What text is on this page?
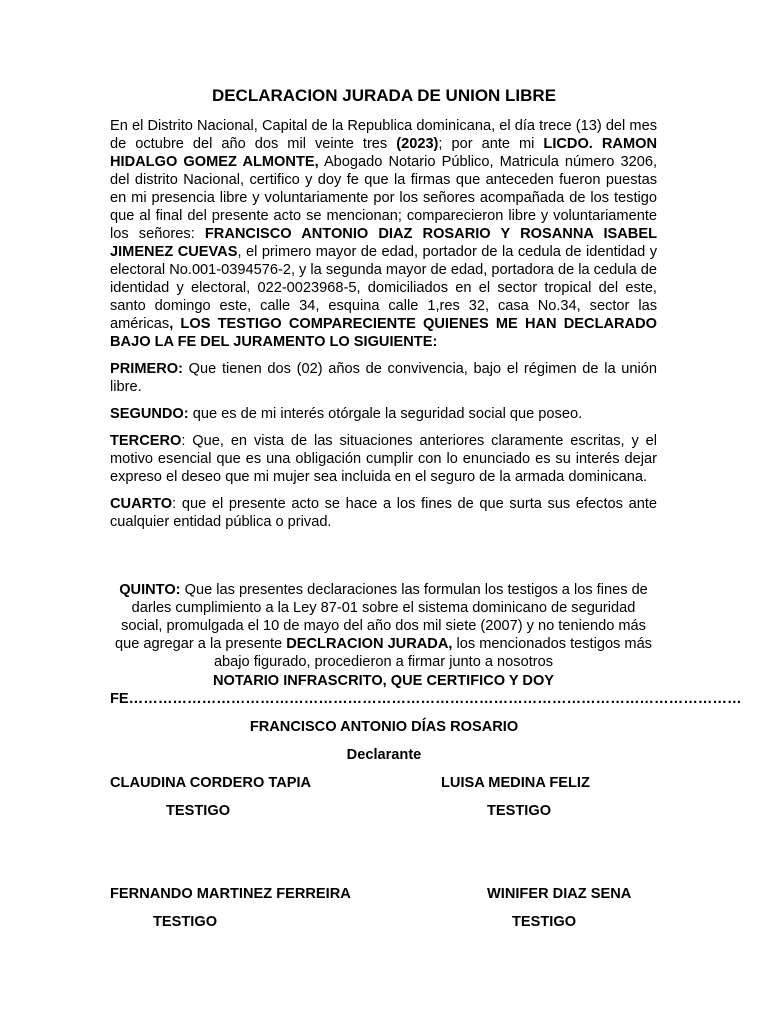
DECLARACION JURADA DE UNION LIBRE

En el Distrito Nacional, Capital de la Republica dominicana, el día trece (13) del mes de octubre del año dos mil veinte tres (2023); por ante mi LICDO. RAMON HIDALGO GOMEZ ALMONTE, Abogado Notario Público, Matricula número 3206, del distrito Nacional, certifico y doy fe que la firmas que anteceden fueron puestas en mi presencia libre y voluntariamente por los señores acompañada de los testigo que al final del presente acto se mencionan; comparecieron libre y voluntariamente los señores: FRANCISCO ANTONIO DIAZ ROSARIO Y ROSANNA ISABEL JIMENEZ CUEVAS, el primero mayor de edad, portador de la cedula de identidad y electoral No.001-0394576-2, y la segunda mayor de edad, portadora de la cedula de identidad y electoral, 022-0023968-5, domiciliados en el sector tropical del este, santo domingo este, calle 34, esquina calle 1,res 32, casa No.34, sector las américas, LOS TESTIGO COMPARECIENTE QUIENES ME HAN DECLARADO BAJO LA FE DEL JURAMENTO LO SIGUIENTE:

PRIMERO: Que tienen dos (02) años de convivencia, bajo el régimen de la unión libre.

SEGUNDO: que es de mi interés otórgale la seguridad social que poseo.

TERCERO: Que, en vista de las situaciones anteriores claramente escritas, y el motivo esencial que es una obligación cumplir con lo enunciado es su interés dejar expreso el deseo que mi mujer sea incluida en el seguro de la armada dominicana.

CUARTO: que el presente acto se hace a los fines de que surta sus efectos ante cualquier entidad pública o privad.

QUINTO: Que las presentes declaraciones las formulan los testigos a los fines de darles cumplimiento a la Ley 87-01 sobre el sistema dominicano de seguridad social, promulgada el 10 de mayo del año dos mil siete (2007) y no teniendo más que agregar a la presente DECLRACION JURADA, los mencionados testigos más abajo figurado, procedieron a firmar junto a nosotros

NOTARIO INFRASCRITO, QUE CERTIFICO Y DOY
FE………………………………………………………………………………………………………………
FRANCISCO ANTONIO DÍAS ROSARIO
Declarante
CLAUDINA CORDERO TAPIA
TESTIGO
LUISA MEDINA FELIZ
TESTIGO
FERNANDO MARTINEZ FERREIRA
TESTIGO
WINIFER DIAZ SENA
TESTIGO
